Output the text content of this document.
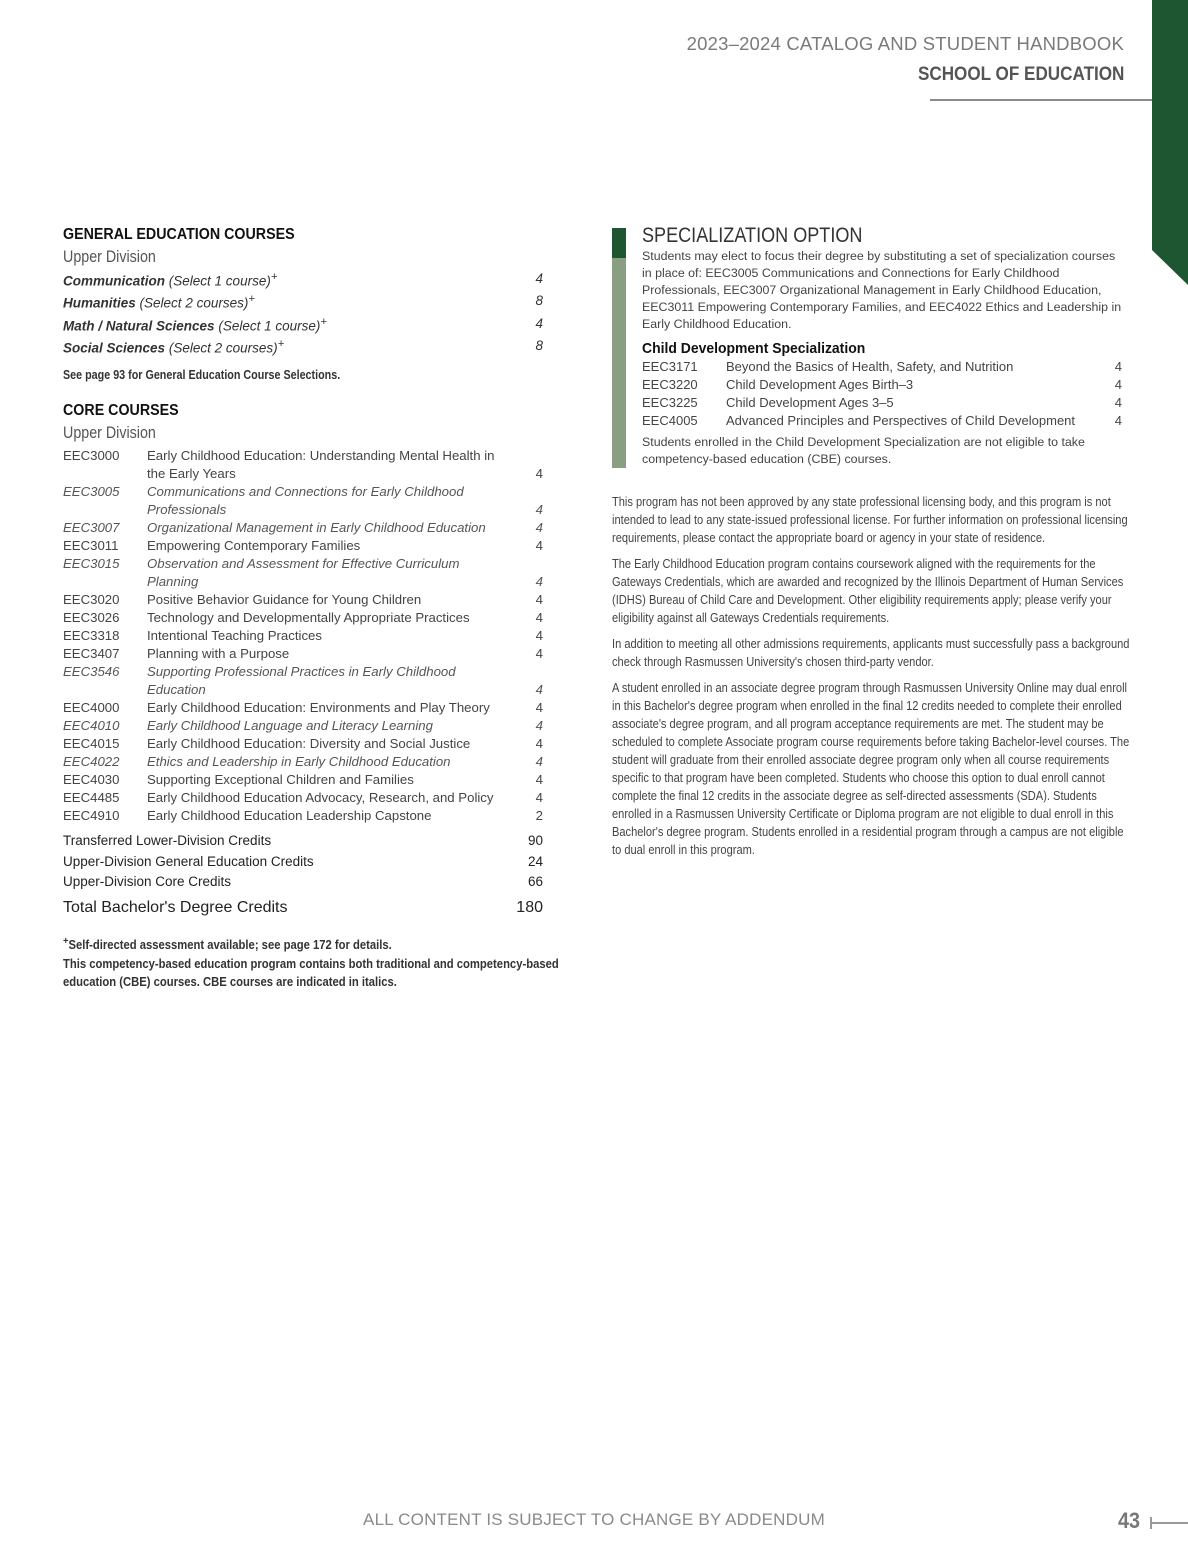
2023–2024 CATALOG AND STUDENT HANDBOOK
SCHOOL OF EDUCATION
GENERAL EDUCATION COURSES
Upper Division
Communication (Select 1 course)+	4
Humanities (Select 2 courses)+	8
Math / Natural Sciences (Select 1 course)+	4
Social Sciences (Select 2 courses)+	8
See page 93 for General Education Course Selections.
CORE COURSES
Upper Division
EEC3000	Early Childhood Education: Understanding Mental Health in the Early Years	4
EEC3005	Communications and Connections for Early Childhood Professionals	4
EEC3007	Organizational Management in Early Childhood Education	4
EEC3011	Empowering Contemporary Families	4
EEC3015	Observation and Assessment for Effective Curriculum Planning	4
EEC3020	Positive Behavior Guidance for Young Children	4
EEC3026	Technology and Developmentally Appropriate Practices	4
EEC3318	Intentional Teaching Practices	4
EEC3407	Planning with a Purpose	4
EEC3546	Supporting Professional Practices in Early Childhood Education	4
EEC4000	Early Childhood Education: Environments and Play Theory	4
EEC4010	Early Childhood Language and Literacy Learning	4
EEC4015	Early Childhood Education: Diversity and Social Justice	4
EEC4022	Ethics and Leadership in Early Childhood Education	4
EEC4030	Supporting Exceptional Children and Families	4
EEC4485	Early Childhood Education Advocacy, Research, and Policy	4
EEC4910	Early Childhood Education Leadership Capstone	2
Transferred Lower-Division Credits	90
Upper-Division General Education Credits	24
Upper-Division Core Credits	66
Total Bachelor's Degree Credits	180
+Self-directed assessment available; see page 172 for details.
This competency-based education program contains both traditional and competency-based education (CBE) courses. CBE courses are indicated in italics.
SPECIALIZATION OPTION
Students may elect to focus their degree by substituting a set of specialization courses in place of: EEC3005 Communications and Connections for Early Childhood Professionals, EEC3007 Organizational Management in Early Childhood Education, EEC3011 Empowering Contemporary Families, and EEC4022 Ethics and Leadership in Early Childhood Education.
Child Development Specialization
EEC3171	Beyond the Basics of Health, Safety, and Nutrition	4
EEC3220	Child Development Ages Birth–3	4
EEC3225	Child Development Ages 3–5	4
EEC4005	Advanced Principles and Perspectives of Child Development	4
Students enrolled in the Child Development Specialization are not eligible to take competency-based education (CBE) courses.

This program has not been approved by any state professional licensing body, and this program is not intended to lead to any state-issued professional license. For further information on professional licensing requirements, please contact the appropriate board or agency in your state of residence.

The Early Childhood Education program contains coursework aligned with the requirements for the Gateways Credentials, which are awarded and recognized by the Illinois Department of Human Services (IDHS) Bureau of Child Care and Development. Other eligibility requirements apply; please verify your eligibility against all Gateways Credentials requirements.

In addition to meeting all other admissions requirements, applicants must successfully pass a background check through Rasmussen University's chosen third-party vendor.

A student enrolled in an associate degree program through Rasmussen University Online may dual enroll in this Bachelor's degree program when enrolled in the final 12 credits needed to complete their enrolled associate's degree program, and all program acceptance requirements are met. The student may be scheduled to complete Associate program course requirements before taking Bachelor-level courses. The student will graduate from their enrolled associate degree program only when all course requirements specific to that program have been completed. Students who choose this option to dual enroll cannot complete the final 12 credits in the associate degree as self-directed assessments (SDA). Students enrolled in a Rasmussen University Certificate or Diploma program are not eligible to dual enroll in this Bachelor's degree program. Students enrolled in a residential program through a campus are not eligible to dual enroll in this program.

ALL CONTENT IS SUBJECT TO CHANGE BY ADDENDUM	43
